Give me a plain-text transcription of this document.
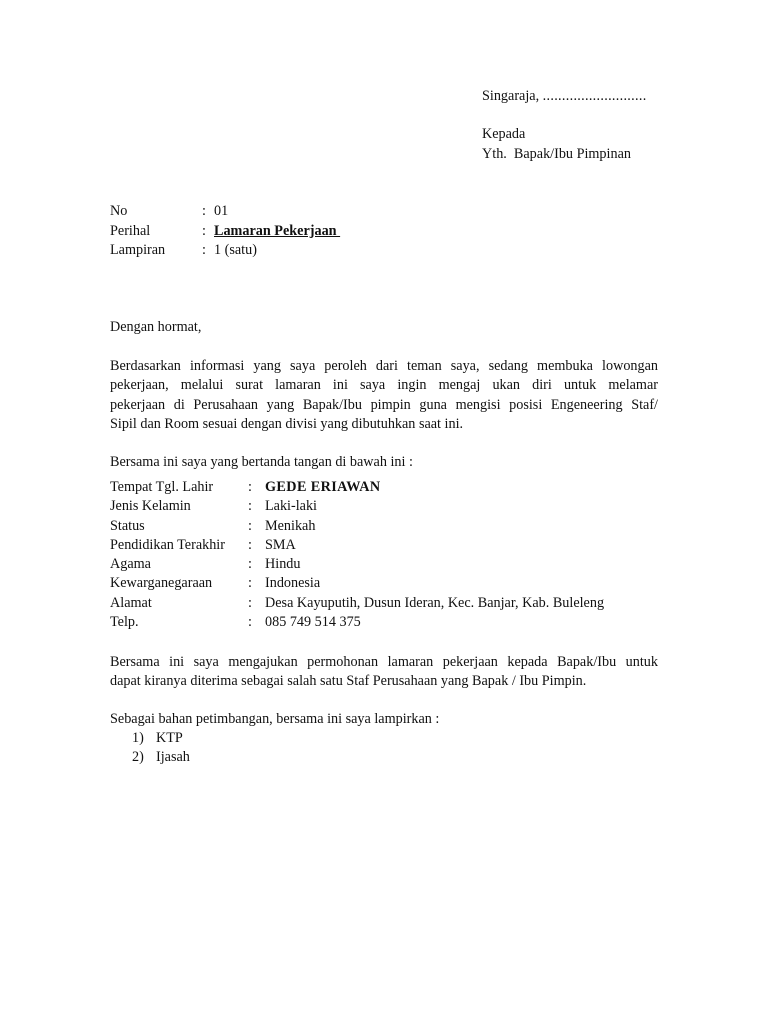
Singaraja, ...........................
Kepada
Yth.  Bapak/Ibu Pimpinan
No	: 01
Perihal	: Lamaran Pekerjaan
Lampiran	: 1 (satu)
Dengan hormat,
Berdasarkan informasi yang saya peroleh dari teman saya, sedang membuka lowongan
pekerjaan, melalui surat lamaran ini saya ingin mengaj ukan diri untuk melamar
pekerjaan di Perusahaan yang Bapak/Ibu pimpin guna mengisi posisi Engeneering Staf/
Sipil dan Room sesuai dengan divisi yang dibutuhkan saat ini.
Bersama ini saya yang bertanda tangan di bawah ini :
Tempat Tgl. Lahir : GEDE ERIAWAN
Jenis Kelamin	: Laki-laki
Status	: Menikah
Pendidikan Terakhir : SMA
Agama	: Hindu
Kewarganegaraan	: Indonesia
Alamat	: Desa Kayuputih, Dusun Ideran, Kec. Banjar, Kab. Buleleng
Telp.	: 085 749 514 375
Bersama ini saya mengajukan permohonan lamaran pekerjaan kepada Bapak/Ibu untuk
dapat kiranya diterima sebagai salah satu Staf Perusahaan yang Bapak / Ibu Pimpin.
Sebagai bahan petimbangan, bersama ini saya lampirkan :
1) KTP
2) Ijasah
